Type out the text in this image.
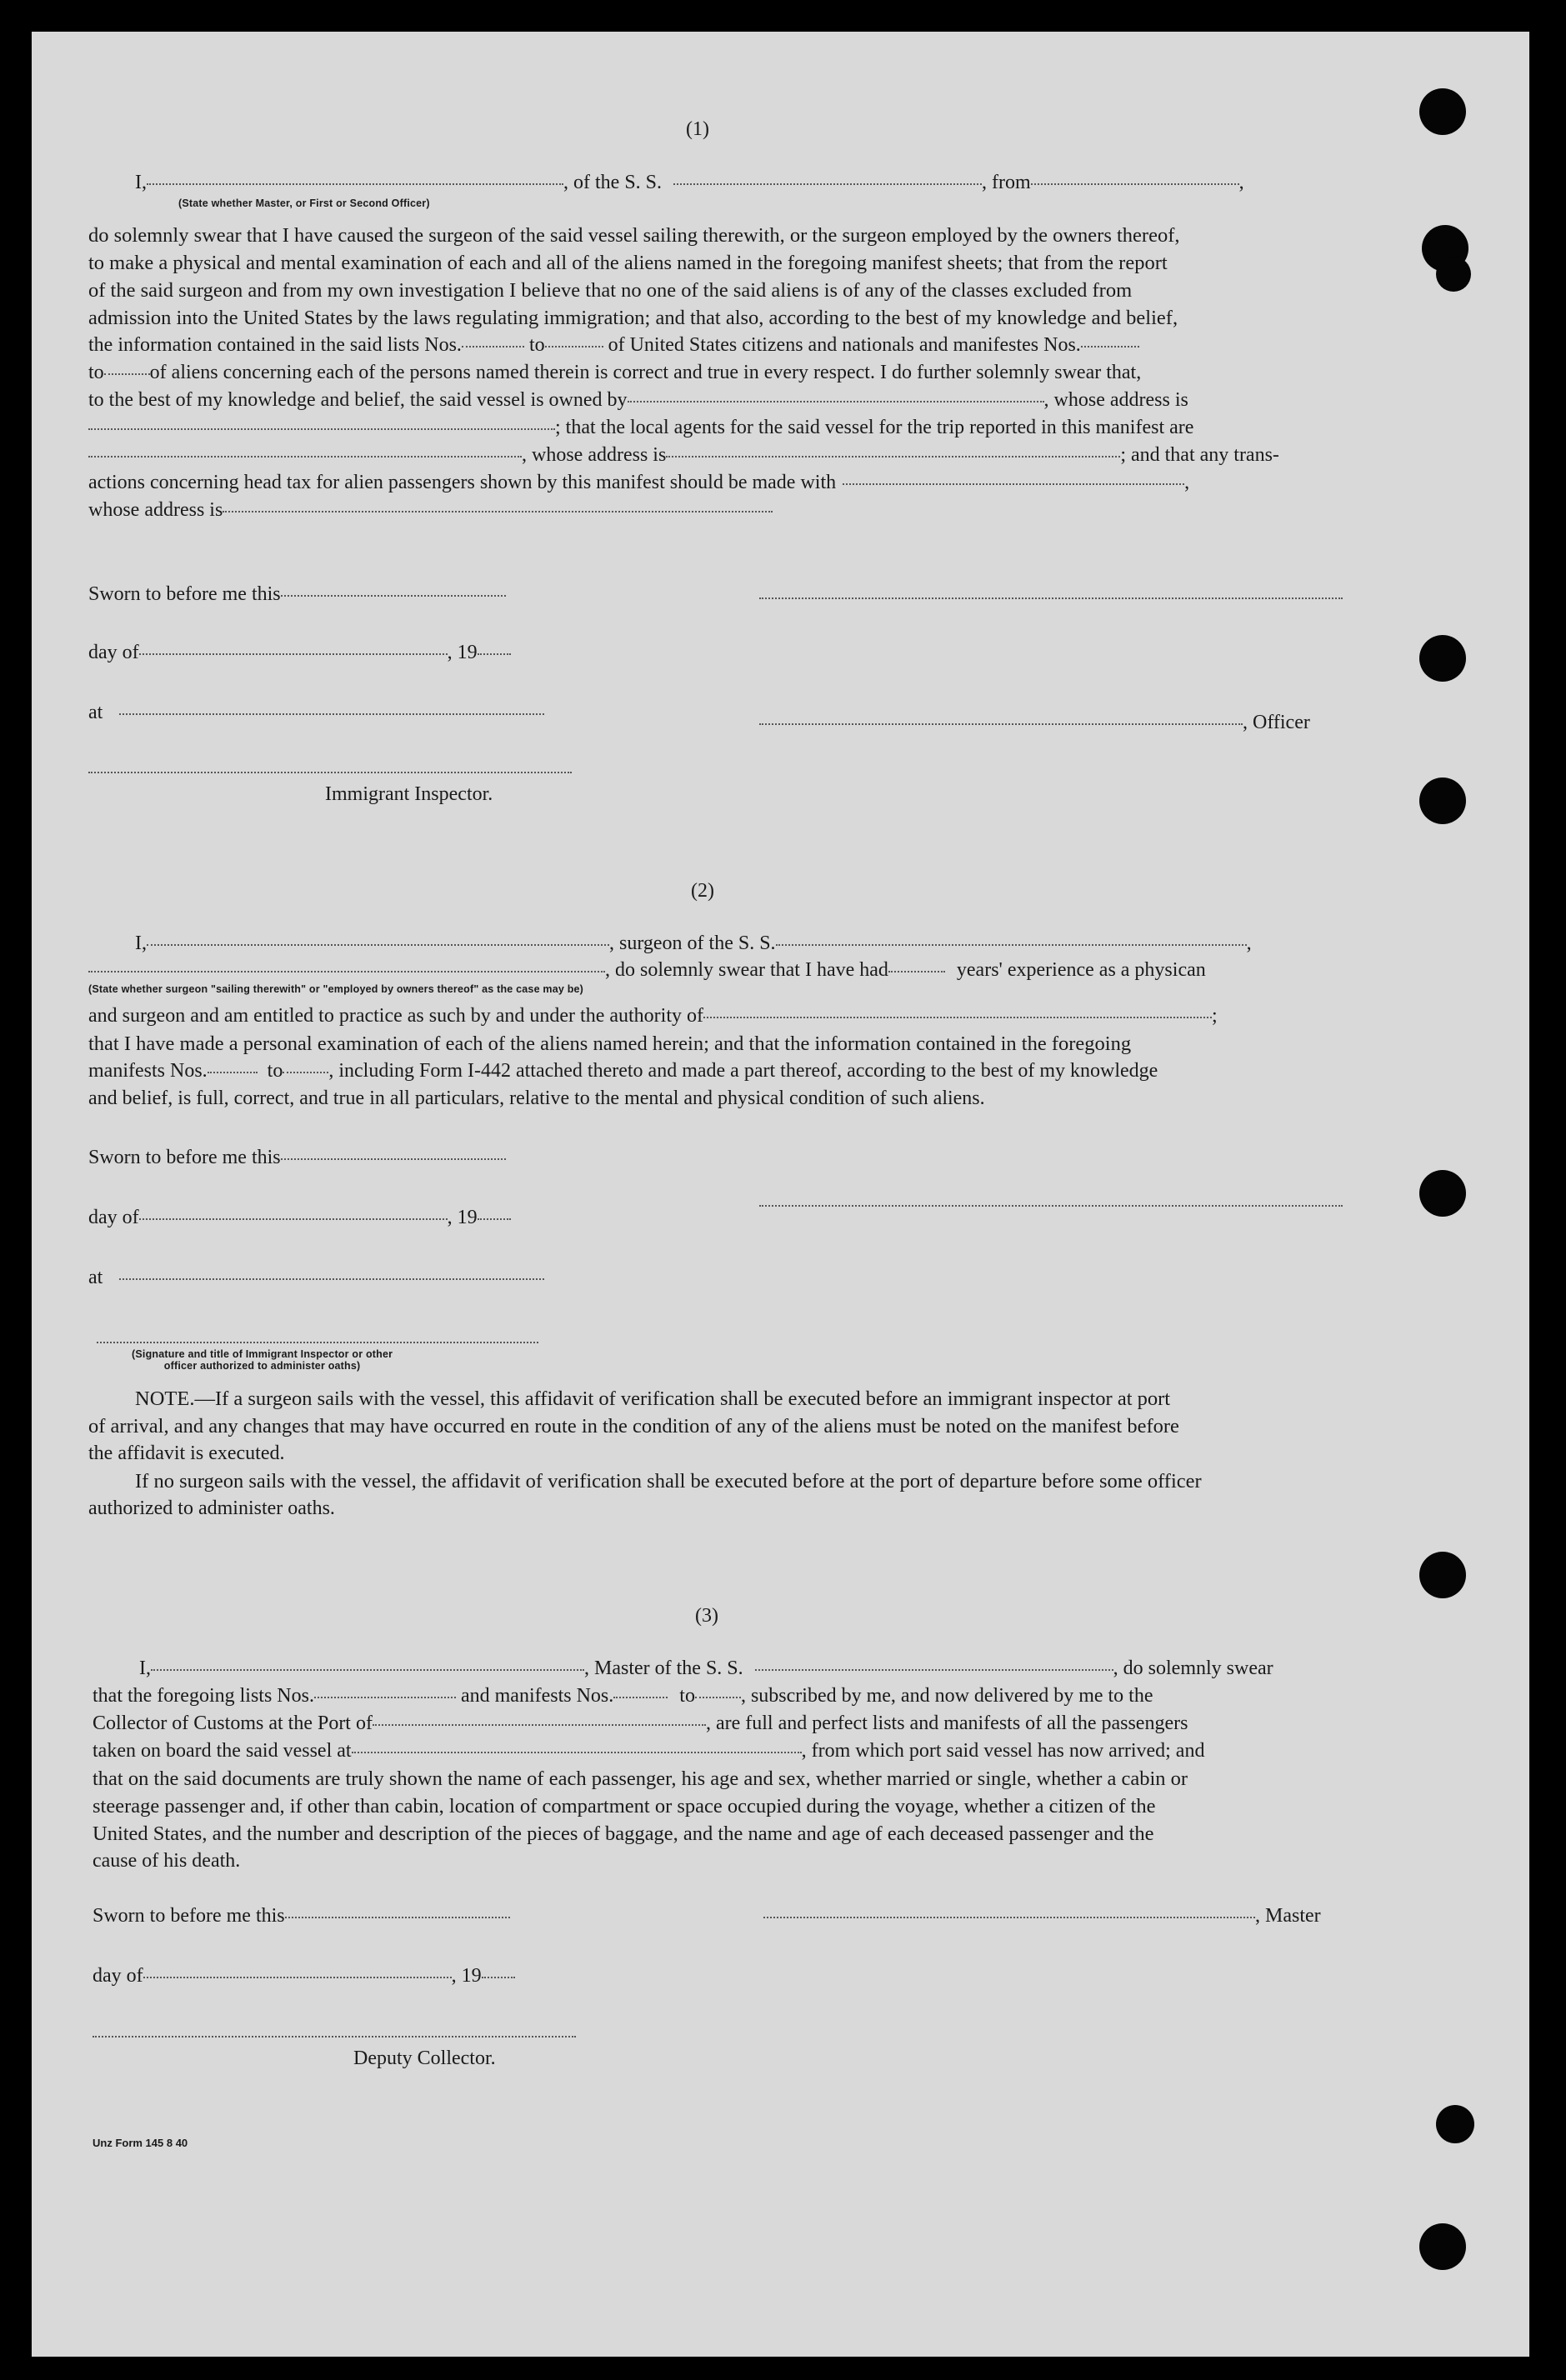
(1)
I,	, of the S. S.	, from	,
(State whether Master, or First or Second Officer)
do solemnly swear that I have caused the surgeon of the said vessel sailing therewith, or the surgeon employed by the owners thereof,
to make a physical and mental examination of each and all of the aliens named in the foregoing manifest sheets; that from the report
of the said surgeon and from my own investigation I believe that no one of the said aliens is of any of the classes excluded from
admission into the United States by the laws regulating immigration; and that also, according to the best of my knowledge and belief,
the information contained in the said lists Nos.	to	of United States citizens and nationals and manifestes Nos.
to of aliens concerning each of the persons named therein is correct and true in every respect. I do further solemnly swear that,
to the best of my knowledge and belief, the said vessel is owned by	, whose address is
; that the local agents for the said vessel for the trip reported in this manifest are
, whose address is	; and that any trans-
actions concerning head tax for alien passengers shown by this manifest should be made with	,
whose address is
Sworn to before me this
day of	, 19
at	, Officer
Immigrant Inspector.
(2)
I,	, surgeon of the S. S.	,
, do solemnly swear that I have had	years' experience as a physican
(State whether surgeon "sailing therewith" or "employed by owners thereof" as the case may be)
and surgeon and am entitled to practice as such by and under the authority of	;
that I have made a personal examination of each of the aliens named herein; and that the information contained in the foregoing
manifests Nos.	to , including Form I-442 attached thereto and made a part thereof, according to the best of my knowledge
and belief, is full, correct, and true in all particulars, relative to the mental and physical condition of such aliens.
Sworn to before me this
day of	, 19
at
(Signature and title of Immigrant Inspector or other
officer authorized to administer oaths)
NOTE.—If a surgeon sails with the vessel, this affidavit of verification shall be executed before an immigrant inspector at port
of arrival, and any changes that may have occurred en route in the condition of any of the aliens must be noted on the manifest before
the affidavit is executed.
If no surgeon sails with the vessel, the affidavit of verification shall be executed before at the port of departure before some officer
authorized to administer oaths.
(3)
I,	, Master of the S. S.	, do solemnly swear
that the foregoing lists Nos.	and manifests Nos.	to , subscribed by me, and now delivered by me to the
Collector of Customs at the Port of	, are full and perfect lists and manifests of all the passengers
taken on board the said vessel at	, from which port said vessel has now arrived; and
that on the said documents are truly shown the name of each passenger, his age and sex, whether married or single, whether a cabin or
steerage passenger and, if other than cabin, location of compartment or space occupied during the voyage, whether a citizen of the
United States, and the number and description of the pieces of baggage, and the name and age of each deceased passenger and the
cause of his death.
Sworn to before me this	, Master
day of	, 19
Deputy Collector.
Unz Form 145 8 40
